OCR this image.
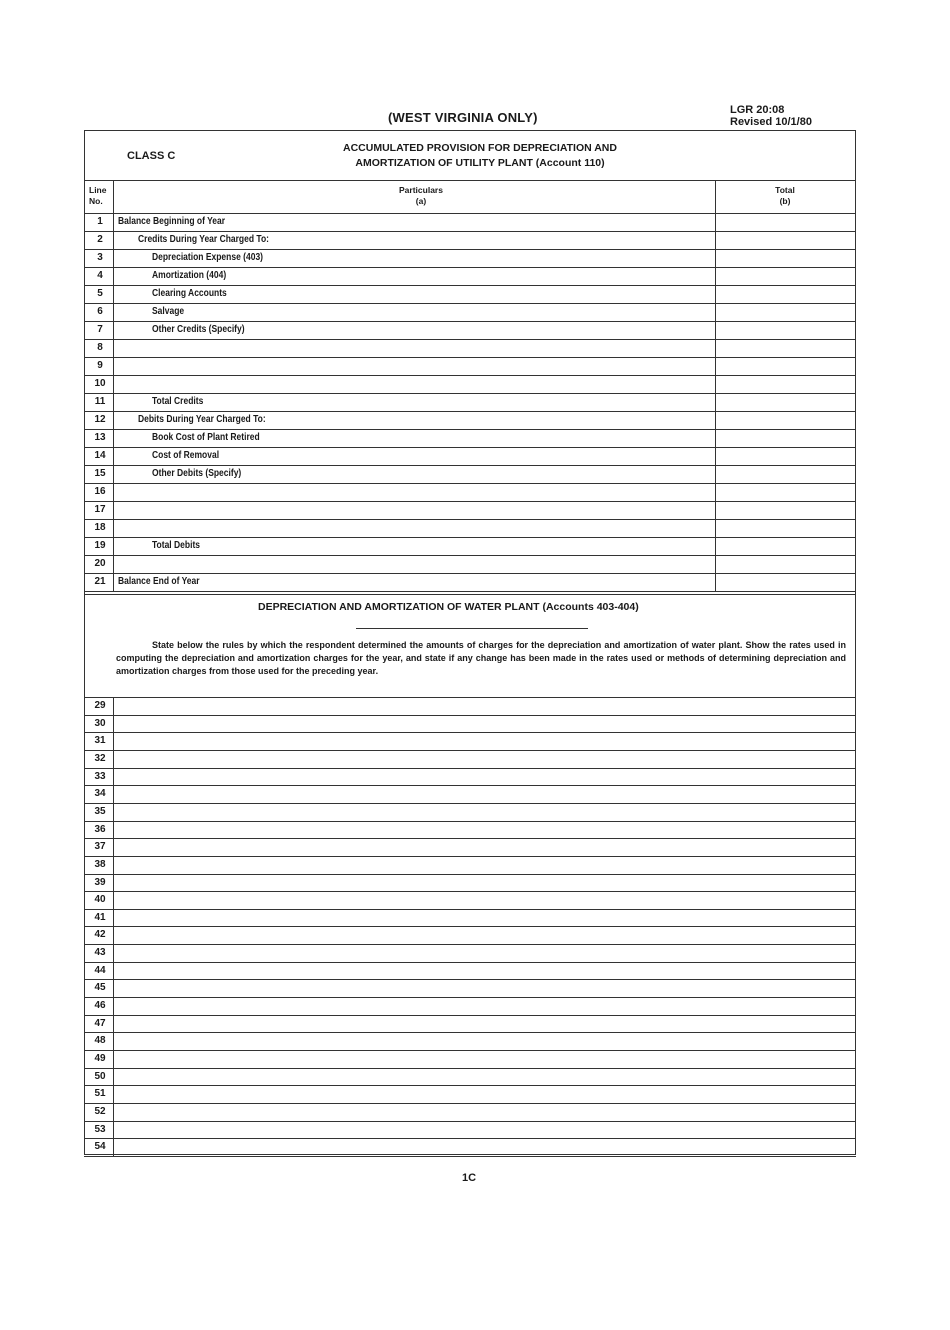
(WEST VIRGINIA ONLY)	LGR 20:08
Revised 10/1/80
CLASS C
ACCUMULATED PROVISION FOR DEPRECIATION AND
AMORTIZATION OF UTILITY PLANT (Account 110)
Line
No.
Particulars
(a)
Total
(b)
1	Balance Beginning of Year
2	Credits During Year Charged To:
3	Depreciation Expense (403)
4	Amortization (404)
5	Clearing Accounts
6	Salvage
7	Other Credits (Specify)
8
9
10
11	Total Credits
12	Debits During Year Charged To:
13	Book Cost of Plant Retired
14	Cost of Removal
15	Other Debits (Specify)
16
17
18
19	Total Debits
20
21	Balance End of Year
DEPRECIATION AND AMORTIZATION OF WATER PLANT (Accounts 403-404)
State below the rules by which the respondent determined the amounts of charges for the depreciation and amortization of water plant. Show the rates used in computing the depreciation and amortization charges for the year, and state if any change has been made in the rates used or methods of determining depreciation and amortization charges from those used for the preceding year.
29
30
31
32
33
34
35
36
37
38
39
40
41
42
43
44
45
46
47
48
49
50
51
52
53
54
1C
